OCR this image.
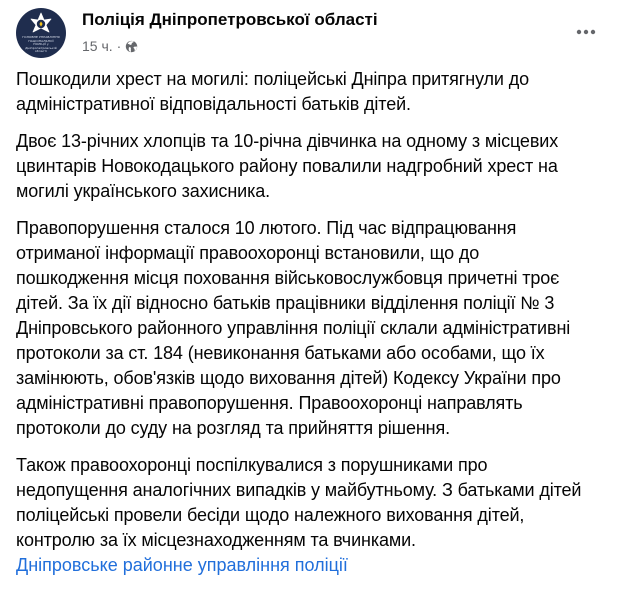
ГОЛОВНЕ УПРАВЛІННЯ НАЦІОНАЛЬНОЇ ПОЛІЦІЇ у Дніпропетровській області
Поліція Дніпропетровської області
15 ч. ·

Пошкодили хрест на могилі: поліцейські Дніпра притягнули до адміністративної відповідальності батьків дітей.

Двоє 13-річних хлопців та 10-річна дівчинка на одному з місцевих цвинтарів Новокодацького району повалили надгробний хрест на могилі українського захисника.

Правопорушення сталося 10 лютого. Під час відпрацювання отриманої інформації правоохоронці встановили, що до пошкодження місця поховання військовослужбовця причетні троє дітей. За їх дії відносно батьків працівники відділення поліції № 3 Дніпровського районного управління поліції склали адміністративні протоколи за ст. 184 (невиконання батьками або особами, що їх замінюють, обов'язків щодо виховання дітей) Кодексу України про адміністративні правопорушення. Правоохоронці направлять протоколи до суду на розгляд та прийняття рішення.

Також правоохоронці поспілкувалися з порушниками про недопущення аналогічних випадків у майбутньому. З батьками дітей поліцейські провели бесіди щодо належного виховання дітей, контролю за їх місцезнаходженням та вчинками.

Дніпровське районне управління поліції
